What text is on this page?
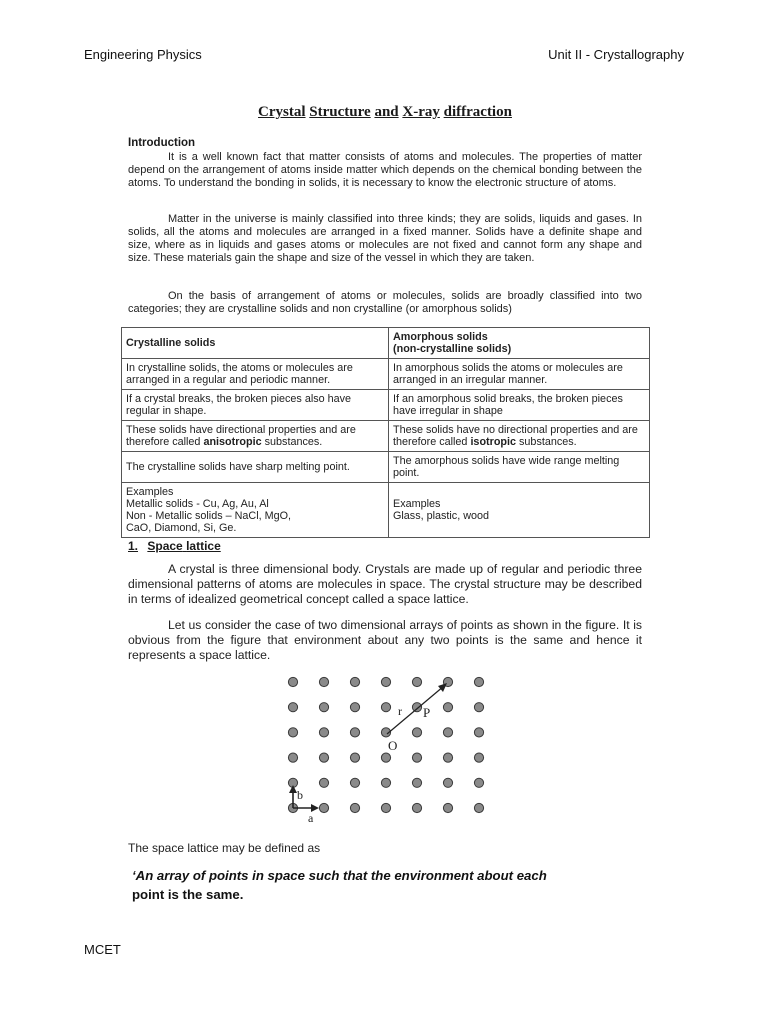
Engineering Physics	Unit II - Crystallography
Crystal Structure and X-ray diffraction
Introduction
It is a well known fact that matter consists of atoms and molecules. The properties of matter depend on the arrangement of atoms inside matter which depends on the chemical bonding between the atoms. To understand the bonding in solids, it is necessary to know the electronic structure of atoms.
Matter in the universe is mainly classified into three kinds; they are solids, liquids and gases. In solids, all the atoms and molecules are arranged in a fixed manner. Solids have a definite shape and size, where as in liquids and gases atoms or molecules are not fixed and cannot form any shape and size. These materials gain the shape and size of the vessel in which they are taken.
On the basis of arrangement of atoms or molecules, solids are broadly classified into two categories; they are crystalline solids and non crystalline (or amorphous solids)
Crystalline solids	Amorphous solids
(non-crystalline solids)
In crystalline solids, the atoms or molecules are arranged in a regular and periodic manner.	In amorphous solids the atoms or molecules are arranged in an irregular manner.
If a crystal breaks, the broken pieces also have regular in shape.	If an amorphous solid breaks, the broken pieces have irregular in shape
These solids have directional properties and are therefore called anisotropic substances.	These solids have no directional properties and are therefore called isotropic substances.
The crystalline solids have sharp melting point.	The amorphous solids have wide range melting point.
Examples
Metallic solids - Cu, Ag, Au, Al
Non - Metallic solids – NaCl, MgO,
CaO, Diamond, Si, Ge.	Examples
Glass, plastic, wood
1. Space lattice
A crystal is three dimensional body. Crystals are made up of regular and periodic three dimensional patterns of atoms are molecules in space. The crystal structure may be described in terms of idealized geometrical concept called a space lattice.
Let us consider the case of two dimensional arrays of points as shown in the figure. It is obvious from the figure that environment about any two points is the same and hence it represents a space lattice.
r P
O
a
b
The space lattice may be defined as
‘An array of points in space such that the environment about each
point is the same.
MCET
